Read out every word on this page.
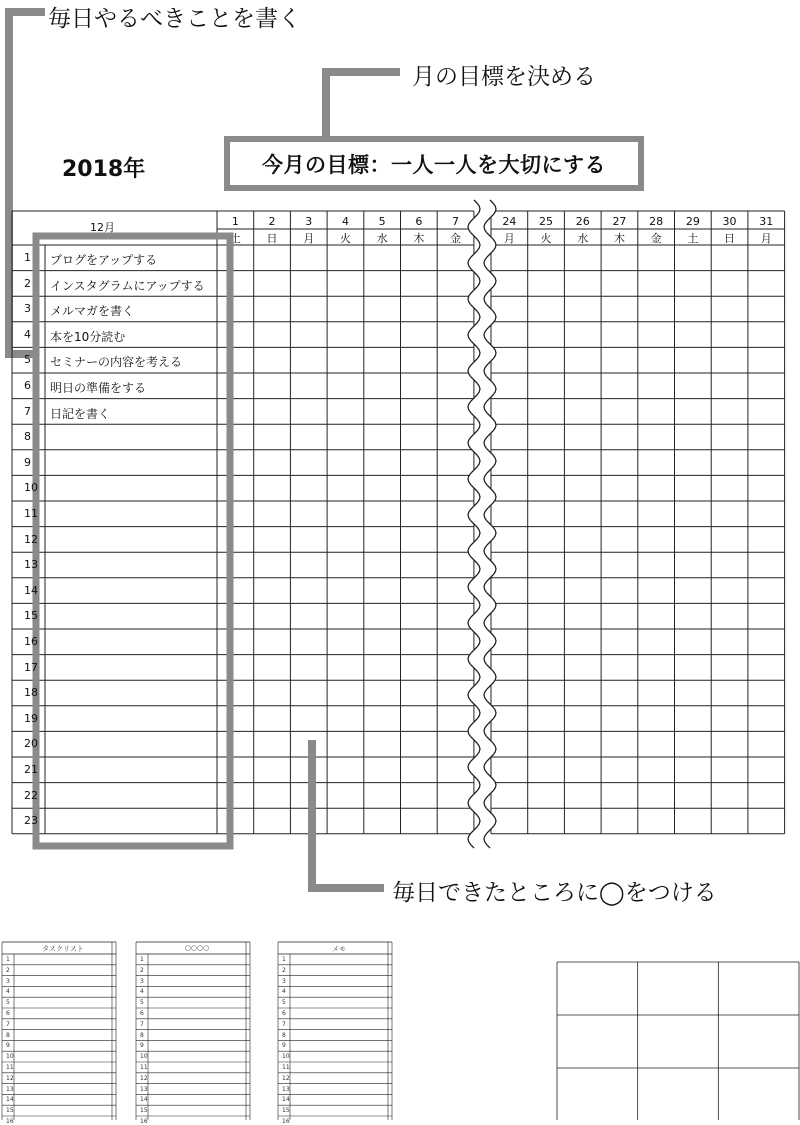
毎日やるべきことを書く
月の目標を決める
2018年	今月の目標：一人一人を大切にする
1
土
2
日
3
月
4
火
5
水
6
木
7
金
24
月
25
火
26
水
27
木
28
金
29
土
30
日
31
月
12月
ブログをアップする
インスタグラムにアップする
メルマガを書く
本を10分読む
セミナーの内容を考える
明日の準備をする
日記を書く
1
2
3
4
5
6
7
8
9
10
11
12
13
14
15
16
17
18
19
20
21
22
23
毎日できたところに◯をつける
タスクリスト
1
2
3
4
5
6
7
8
9
10
11
12
13
14
15
16
○○○○
1
2
3
4
5
6
7
8
9
10
11
12
13
14
15
16
メモ
1
2
3
4
5
6
7
8
9
10
11
12
13
14
15
16
